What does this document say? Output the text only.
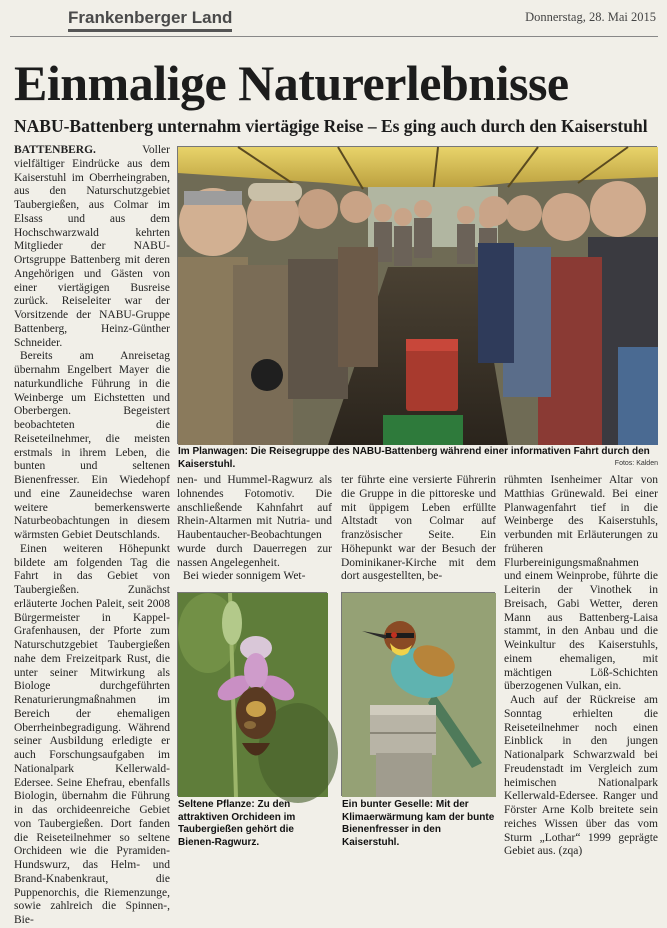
Frankenberger Land	Donnerstag, 28. Mai 2015
Einmalige Naturerlebnisse
NABU-Battenberg unternahm viertägige Reise – Es ging auch durch den Kaiserstuhl

BATTENBERG. Voller vielfältiger Eindrücke aus dem Kaiserstuhl im Oberrheingraben, aus den Naturschutzgebiet Taubergießen, aus Colmar im Elsass und aus dem Hochschwarzwald kehrten Mitglieder der NABU-Ortsgruppe Battenberg mit deren Angehörigen und Gästen von einer viertägigen Busreise zurück. Reiseleiter war der Vorsitzende der NABU-Gruppe Battenberg, Heinz-Günther Schneider.

Bereits am Anreisetag übernahm Engelbert Mayer die naturkundliche Führung in die Weinberge um Eichstetten und Oberbergen. Begeistert beobachteten die Reiseteilnehmer, die meisten erstmals in ihrem Leben, die bunten und seltenen Bienenfresser. Ein Wiedehopf und eine Zauneidechse waren weitere bemerkenswerte Naturbeobachtungen in diesem wärmsten Gebiet Deutschlands.

Einen weiteren Höhepunkt bildete am folgenden Tag die Fahrt in das Gebiet von Taubergießen. Zunächst erläuterte Jochen Paleit, seit 2008 Bürgermeister in Kappel-Grafenhausen, der Pforte zum Naturschutzgebiet Taubergießen nahe dem Freizeitpark Rust, die unter seiner Mitwirkung als Biologe durchgeführten Renaturierungmaßnahmen im Bereich der ehemaligen Oberrheinbegradigung. Während seiner Ausbildung erledigte er auch Forschungsaufgaben im Nationalpark Kellerwald-Edersee. Seine Ehefrau, ebenfalls Biologin, übernahm die Führung in das orchideenreiche Gebiet von Taubergießen. Dort fanden die Reiseteilnehmer so seltene Orchideen wie die Pyramiden-Hundswurz, das Helm- und Brand-Knabenkraut, die Puppenorchis, die Riemenzunge, sowie zahlreich die Spinnen-, Bie-

Im Planwagen: Die Reisegruppe des NABU-Battenberg während einer informativen Fahrt durch den Kaiserstuhl.	Fotos: Kalden

nen- und Hummel-Ragwurz als lohnendes Fotomotiv. Die anschließende Kahnfahrt auf Rhein-Altarmen mit Nutria- und Haubentaucher-Beobachtungen wurde durch Dauerregen zur nassen Angelegenheit.

Bei wieder sonnigem Wet-

ter führte eine versierte Führerin die Gruppe in die pittoreske und mit üppigem Leben erfüllte Altstadt von Colmar auf französischer Seite. Ein Höhepunkt war der Besuch der Dominikaner-Kirche mit dem dort ausgestellten, be-

rühmten Isenheimer Altar von Matthias Grünewald. Bei einer Planwagenfahrt tief in die Weinberge des Kaiserstuhls, verbunden mit Erläuterungen zu früheren Flurbereinigungsmaßnahmen und einem Weinprobe, führte die Leiterin der Vinothek in Breisach, Gabi Wetter, deren Mann aus Battenberg-Laisa stammt, in den Anbau und die Weinkultur des Kaiserstuhls, einem ehemaligen, mit mächtigen Löß-Schichten überzogenen Vulkan, ein.

Auch auf der Rückreise am Sonntag erhielten die Reiseteilnehmer noch einen Einblick in den jungen Nationalpark Schwarzwald bei Freudenstadt im Vergleich zum heimischen Nationalpark Kellerwald-Edersee. Ranger und Förster Arne Kolb breitete sein reiches Wissen über das vom Sturm „Lothar“ 1999 geprägte Gebiet aus. (zqa)

Seltene Pflanze: Zu den attraktiven Orchideen im Taubergießen gehört die Bienen-Ragwurz.
Ein bunter Geselle: Mit der Klimaerwärmung kam der bunte Bienenfresser in den Kaiserstuhl.
